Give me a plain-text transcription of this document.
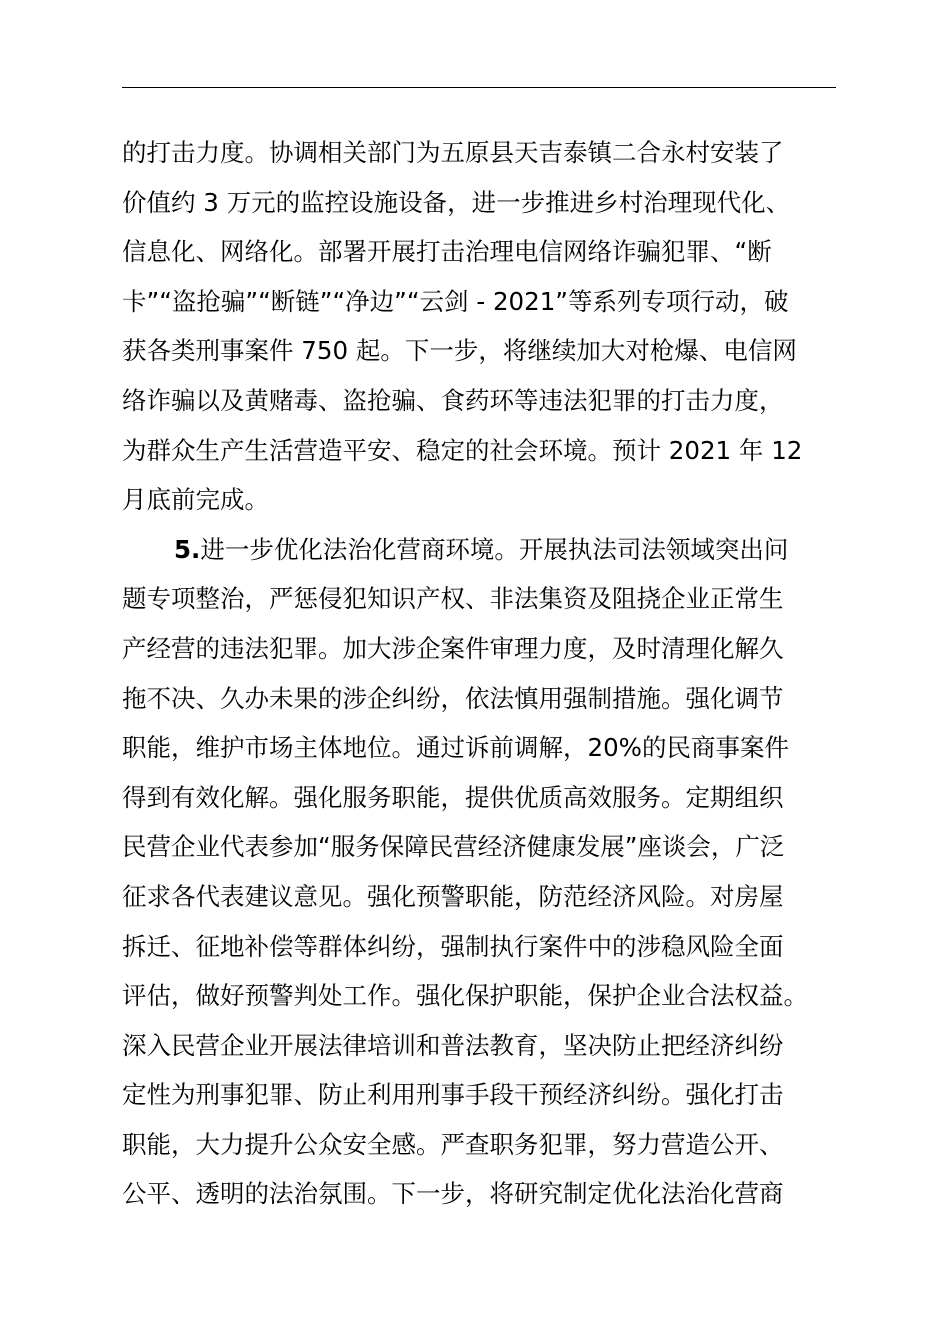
的打击力度。协调相关部门为五原县天吉泰镇二合永村安装了
价值约 3 万元的监控设施设备，进一步推进乡村治理现代化、
信息化、网络化。部署开展打击治理电信网络诈骗犯罪、“断
卡”“盗抢骗”“断链”“净边”“云剑 - 2021”等系列专项行动，破
获各类刑事案件 750 起。下一步，将继续加大对枪爆、电信网
络诈骗以及黄赌毒、盗抢骗、食药环等违法犯罪的打击力度，
为群众生产生活营造平安、稳定的社会环境。预计 2021 年 12
月底前完成。
5.进一步优化法治化营商环境。开展执法司法领域突出问
题专项整治，严惩侵犯知识产权、非法集资及阻挠企业正常生
产经营的违法犯罪。加大涉企案件审理力度，及时清理化解久
拖不决、久办未果的涉企纠纷，依法慎用强制措施。强化调节
职能，维护市场主体地位。通过诉前调解，20%的民商事案件
得到有效化解。强化服务职能，提供优质高效服务。定期组织
民营企业代表参加“服务保障民营经济健康发展”座谈会，广泛
征求各代表建议意见。强化预警职能，防范经济风险。对房屋
拆迁、征地补偿等群体纠纷，强制执行案件中的涉稳风险全面
评估，做好预警判处工作。强化保护职能，保护企业合法权益。
深入民营企业开展法律培训和普法教育，坚决防止把经济纠纷
定性为刑事犯罪、防止利用刑事手段干预经济纠纷。强化打击
职能，大力提升公众安全感。严查职务犯罪，努力营造公开、
公平、透明的法治氛围。下一步，将研究制定优化法治化营商
